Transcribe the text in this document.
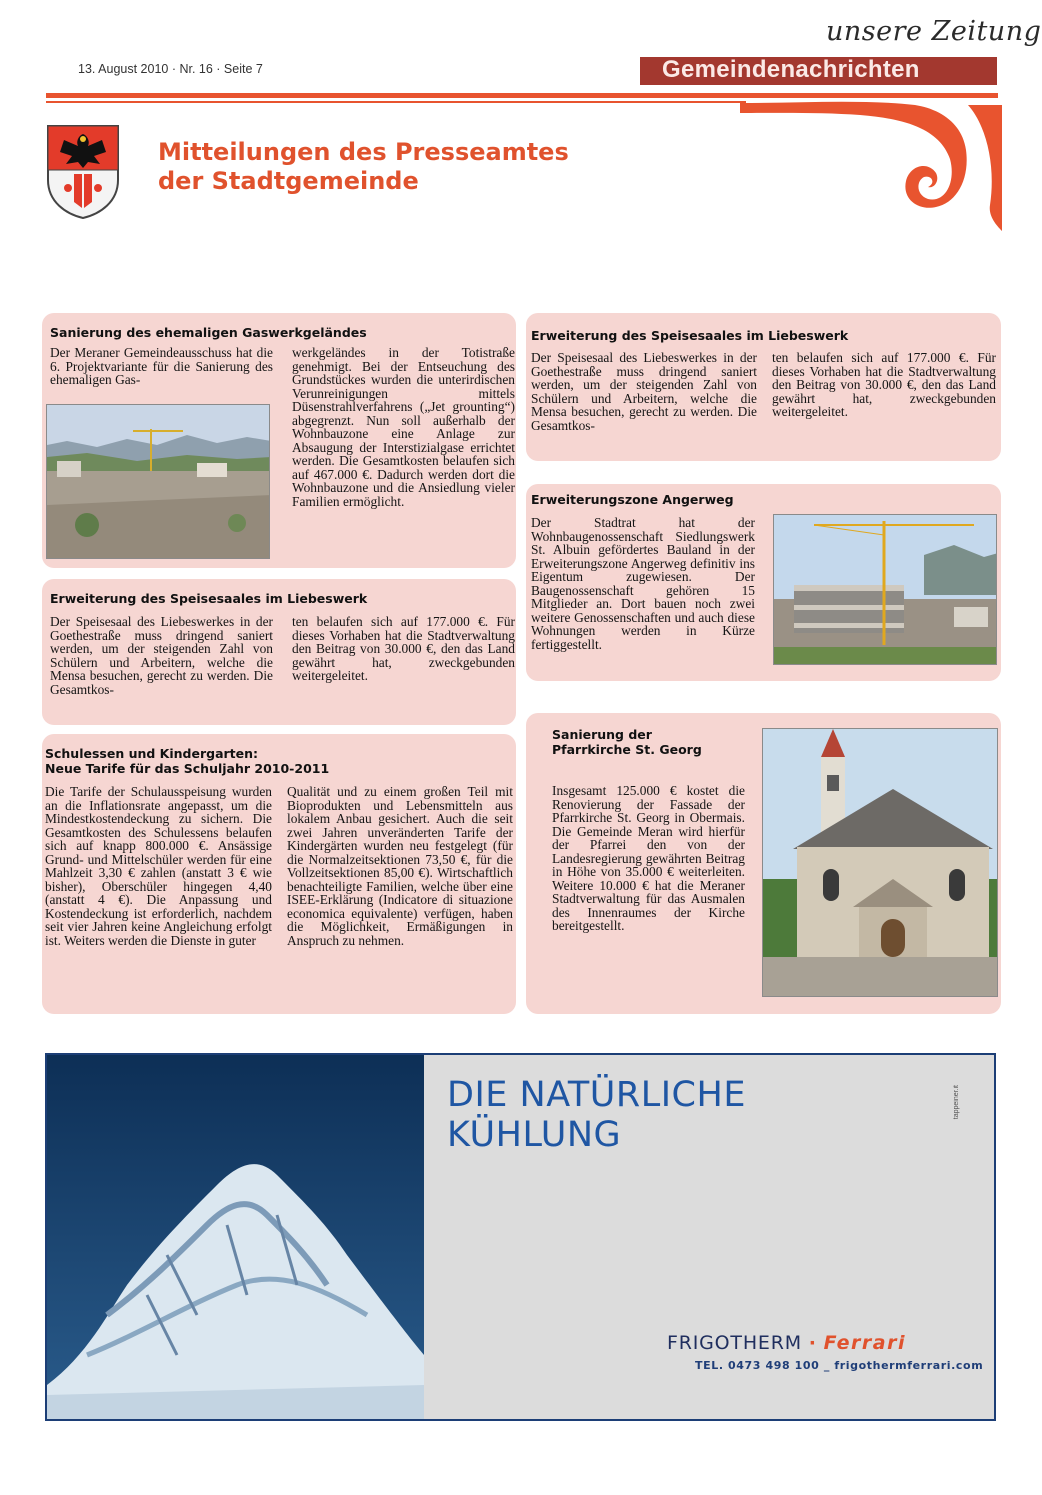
13. August 2010 · Nr. 16 · Seite 7
unsere Zeitung
Gemeindenachrichten
Mitteilungen des Presseamtes
der Stadtgemeinde
Sanierung des ehemaligen Gaswerkgeländes
Der Meraner Gemeindeausschuss hat die 6. Projektvariante für die Sanierung des ehemaligen Gas-
werkgeländes in der Totistraße genehmigt. Bei der Entseuchung des Grundstückes wurden die unterirdischen Verunreinigungen mittels Düsenstrahlverfahrens („Jet grounting“) abgegrenzt. Nun soll außerhalb der Wohnbauzone eine Anlage zur Absaugung der Interstizialgase errichtet werden. Die Gesamtkosten belaufen sich auf 467.000 €. Dadurch werden dort die Wohnbauzone und die Ansiedlung vieler Familien ermöglicht.
Erweiterung des Speisesaales im Liebeswerk
Der Speisesaal des Liebeswerkes in der Goethestraße muss dringend saniert werden, um der steigenden Zahl von Schülern und Arbeitern, welche die Mensa besuchen, gerecht zu werden. Die Gesamtkos-
ten belaufen sich auf 177.000 €. Für dieses Vorhaben hat die Stadtverwaltung den Beitrag von 30.000 €, den das Land gewährt hat, zweckgebunden weitergeleitet.
Schulessen und Kindergarten:
Neue Tarife für das Schuljahr 2010-2011
Die Tarife der Schulausspeisung wurden an die Inflationsrate angepasst, um die Mindestkostendeckung zu sichern. Die Gesamtkosten des Schulessens belaufen sich auf knapp 800.000 €. Ansässige Grund- und Mittelschüler werden für eine Mahlzeit 3,30 € zahlen (anstatt 3 € wie bisher), Oberschüler hingegen 4,40 (anstatt 4 €). Die Anpassung und Kostendeckung ist erforderlich, nachdem seit vier Jahren keine Angleichung erfolgt ist. Weiters werden die Dienste in guter
Qualität und zu einem großen Teil mit Bioprodukten und Lebensmitteln aus lokalem Anbau gesichert. Auch die seit zwei Jahren unveränderten Tarife der Kindergärten wurden neu festgelegt (für die Normalzeitsektionen 73,50 €, für die Vollzeitsektionen 85,00 €). Wirtschaftlich benachteiligte Familien, welche über eine ISEE-Erklärung (Indicatore di situazione economica equivalente) verfügen, haben die Möglichkeit, Ermäßigungen in Anspruch zu nehmen.
Erweiterung des Speisesaales im Liebeswerk
Der Speisesaal des Liebeswerkes in der Goethestraße muss dringend saniert werden, um der steigenden Zahl von Schülern und Arbeitern, welche die Mensa besuchen, gerecht zu werden. Die Gesamtkos-
ten belaufen sich auf 177.000 €. Für dieses Vorhaben hat die Stadtverwaltung den Beitrag von 30.000 €, den das Land gewährt hat, zweckgebunden weitergeleitet.
Erweiterungszone Angerweg
Der Stadtrat hat der Wohnbaugenossenschaft Siedlungswerk St. Albuin gefördertes Bauland in der Erweiterungszone Angerweg definitiv ins Eigentum zugewiesen. Der Baugenossenschaft gehören 15 Mitglieder an. Dort bauen noch zwei weitere Genossenschaften und auch diese Wohnungen werden in Kürze fertiggestellt.
Sanierung der
Pfarrkirche St. Georg
Insgesamt 125.000 € kostet die Renovierung der Fassade der Pfarrkirche St. Georg in Obermais. Die Gemeinde Meran wird hierfür der Pfarrei den von der Landesregierung gewährten Beitrag in Höhe von 35.000 € weiterleiten. Weitere 10.000 € hat die Meraner Stadtverwaltung für das Ausmalen des Innenraumes der Kirche bereitgestellt.
DIE NATÜRLICHE
KÜHLUNG
tappeiner.it
FRIGOTHERM · Ferrari
TEL. 0473 498 100 _ frigothermferrari.com
